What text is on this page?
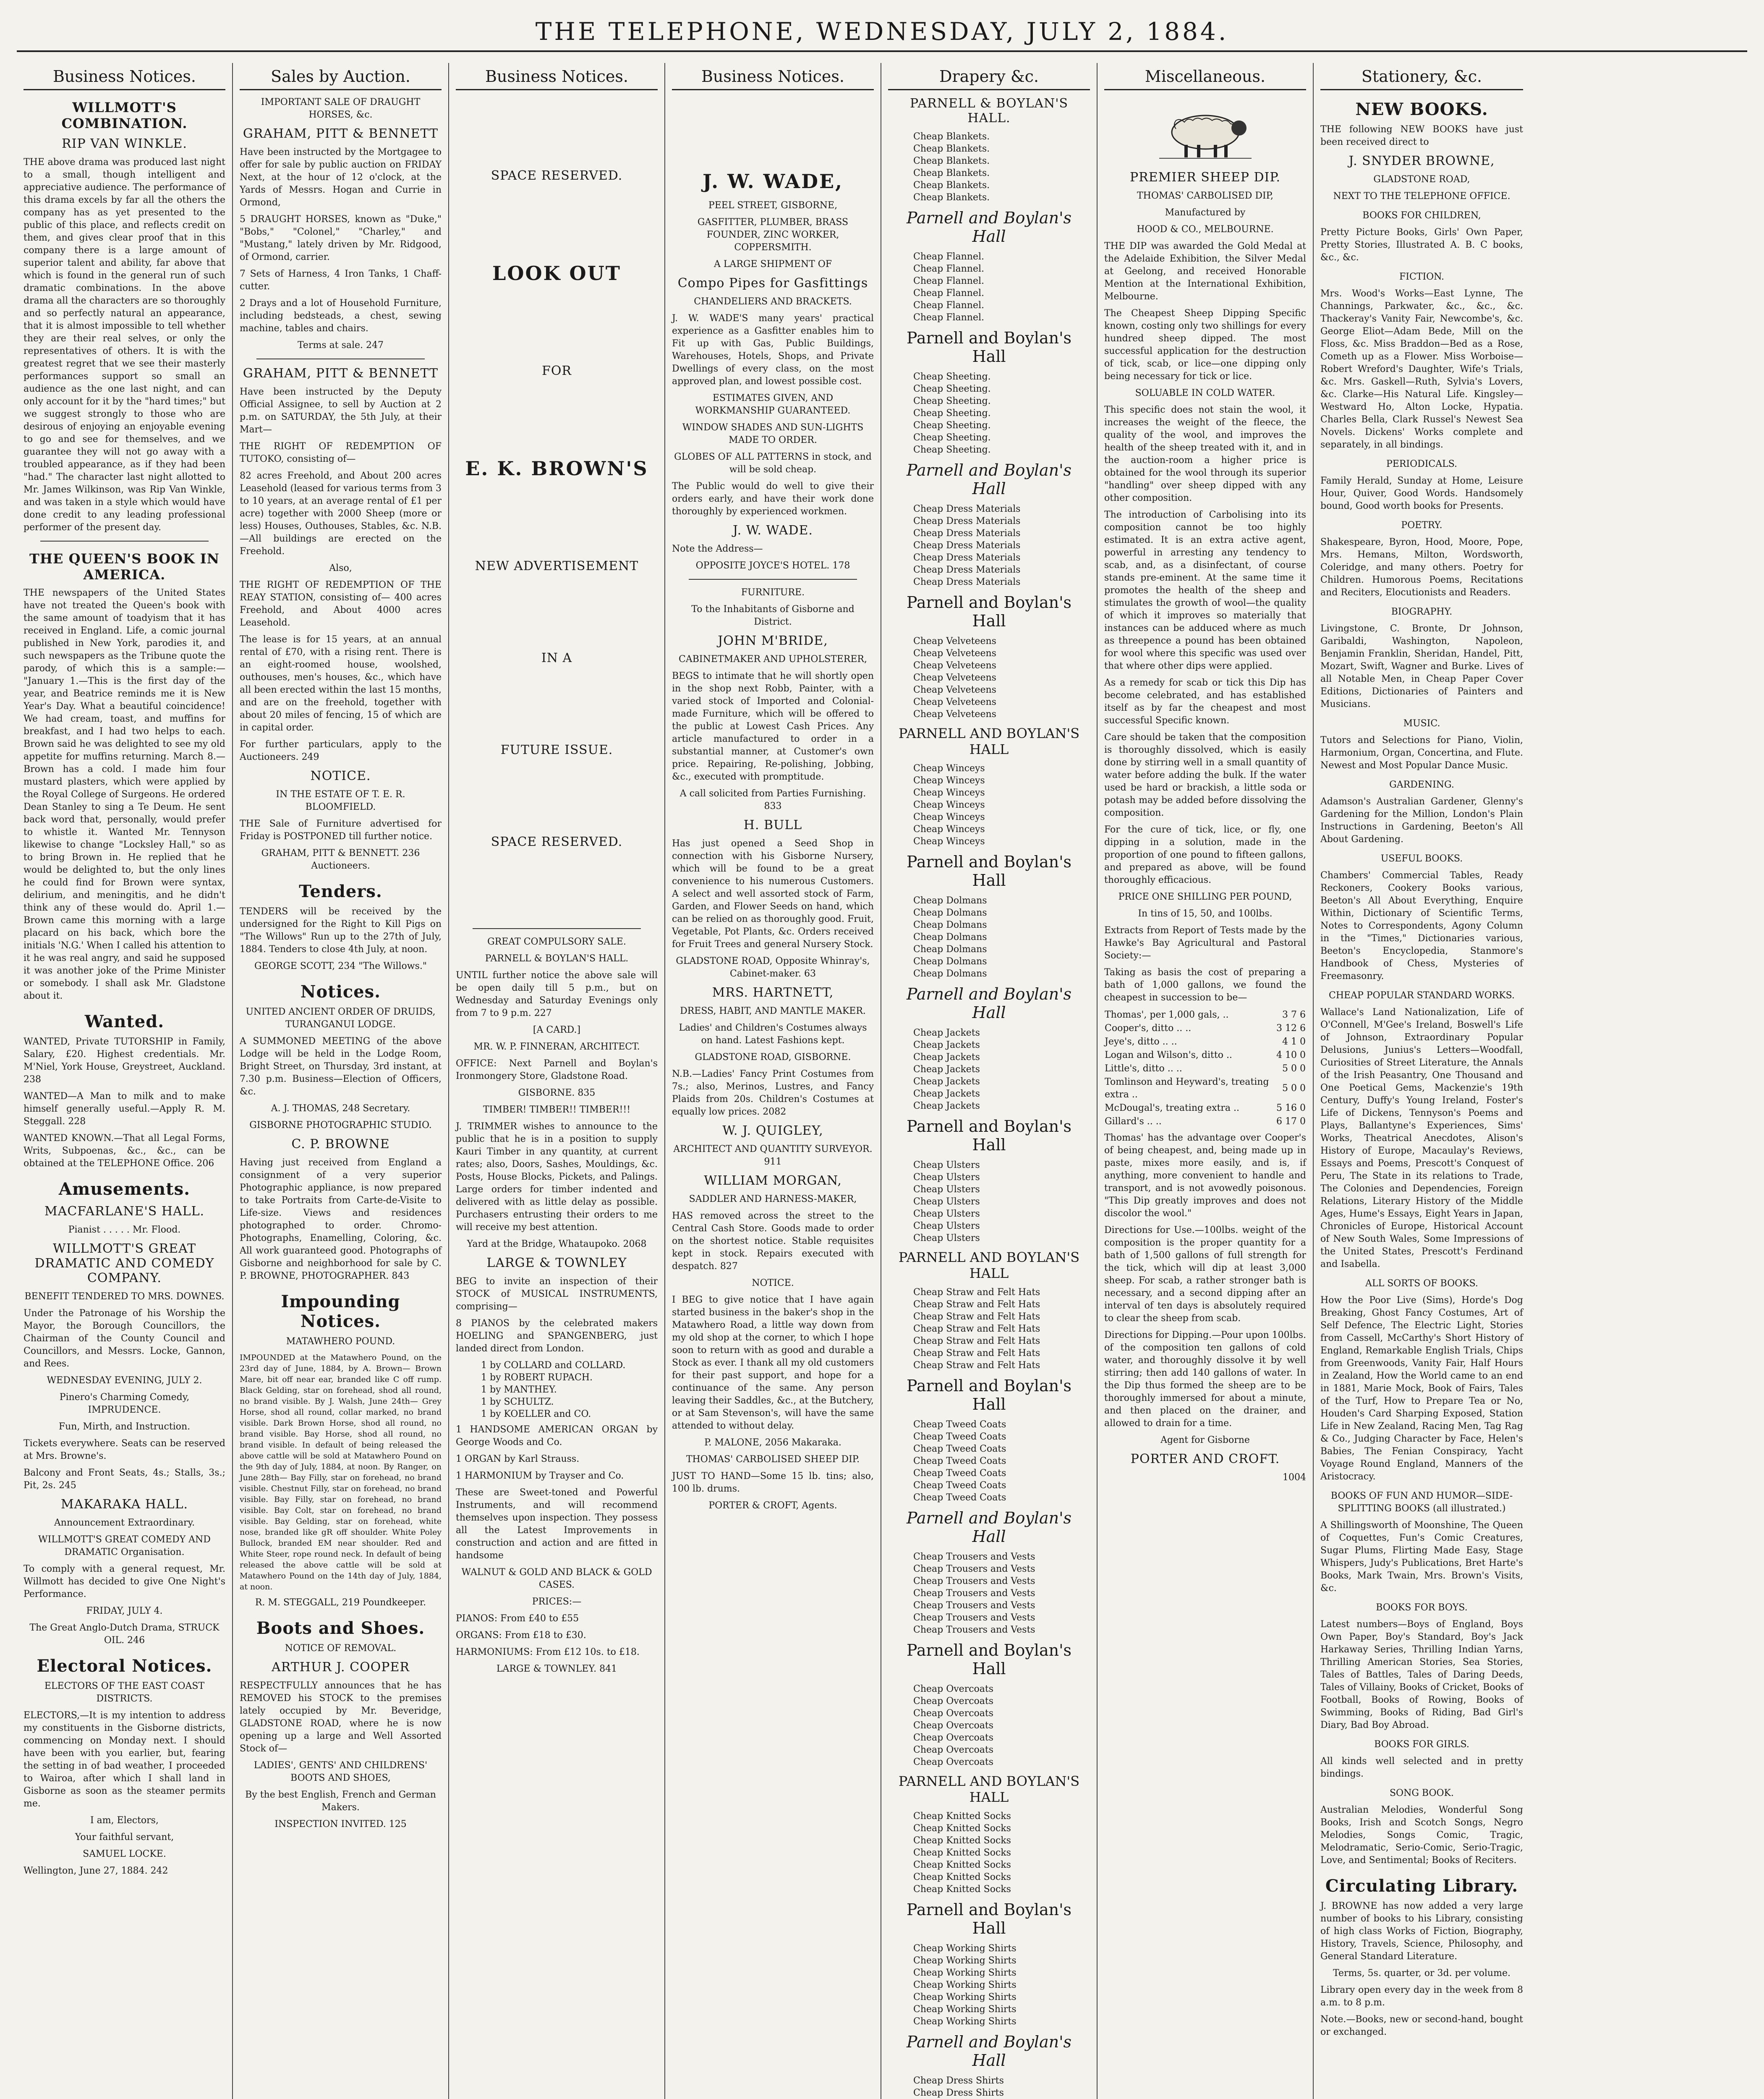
THE TELEPHONE, WEDNESDAY, JULY 2, 1884.
Business Notices.
WILLMOTT'S COMBINATION.
RIP VAN WINKLE.

THE above drama was produced last night to a small, though intelligent and appreciative audience. The performance of this drama excels by far all the others the company has as yet presented to the public of this place, and reflects credit on them, and gives clear proof that in this company there is a large amount of superior talent and ability, far above that which is found in the general run of such dramatic combinations. In the above drama all the characters are so thoroughly and so perfectly natural an appearance, that it is almost impossible to tell whether they are their real selves, or only the representatives of others. It is with the greatest regret that we see their masterly performances support so small an audience as the one last night, and can only account for it by the "hard times;" but we suggest strongly to those who are desirous of enjoying an enjoyable evening to go and see for themselves, and we guarantee they will not go away with a troubled appearance, as if they had been "had." The character last night allotted to Mr. James Wilkinson, was Rip Van Winkle, and was taken in a style which would have done credit to any leading professional performer of the present day.

THE QUEEN'S BOOK IN AMERICA.

THE newspapers of the United States have not treated the Queen's book with the same amount of toadyism that it has received in England. Life, a comic journal published in New York, parodies it, and such newspapers as the Tribune quote the parody, of which this is a sample:— "January 1.—This is the first day of the year, and Beatrice reminds me it is New Year's Day. What a beautiful coincidence! We had cream, toast, and muffins for breakfast, and I had two helps to each. Brown said he was delighted to see my old appetite for muffins returning. March 8.—Brown has a cold. I made him four mustard plasters, which were applied by the Royal College of Surgeons. He ordered Dean Stanley to sing a Te Deum. He sent back word that, personally, would prefer to whistle it. Wanted Mr. Tennyson likewise to change "Locksley Hall," so as to bring Brown in. He replied that he would be delighted to, but the only lines he could find for Brown were syntax, delirium, and meningitis, and he didn't think any of these would do. April 1.—Brown came this morning with a large placard on his back, which bore the initials 'N.G.' When I called his attention to it he was real angry, and said he supposed it was another joke of the Prime Minister or somebody. I shall ask Mr. Gladstone about it.

Wanted.

WANTED, Private TUTORSHIP in Family, Salary, £20. Highest credentials. Mr. M'Niel, York House, Greystreet, Auckland. 238

WANTED—A Man to milk and to make himself generally useful.—Apply R. M. Steggall. 228

WANTED KNOWN.—That all Legal Forms, Writs, Subpoenas, &c., &c., can be obtained at the TELEPHONE Office. 206

Amusements.
MACFARLANE'S HALL.

Pianist . . . . . Mr. Flood.

WILLMOTT'S GREAT DRAMATIC AND COMEDY COMPANY.

BENEFIT TENDERED TO MRS. DOWNES.

Under the Patronage of his Worship the Mayor, the Borough Councillors, the Chairman of the County Council and Councillors, and Messrs. Locke, Gannon, and Rees.

WEDNESDAY EVENING, JULY 2.

Pinero's Charming Comedy, IMPRUDENCE.

Fun, Mirth, and Instruction.

Tickets everywhere. Seats can be reserved at Mrs. Browne's.

Balcony and Front Seats, 4s.; Stalls, 3s.; Pit, 2s. 245

MAKARAKA HALL.

Announcement Extraordinary.

WILLMOTT'S GREAT COMEDY AND DRAMATIC Organisation.

To comply with a general request, Mr. Willmott has decided to give One Night's Performance.

FRIDAY, JULY 4.

The Great Anglo-Dutch Drama, STRUCK OIL. 246

Electoral Notices.

ELECTORS OF THE EAST COAST DISTRICTS.

ELECTORS,—It is my intention to address my constituents in the Gisborne districts, commencing on Monday next. I should have been with you earlier, but, fearing the setting in of bad weather, I proceeded to Wairoa, after which I shall land in Gisborne as soon as the steamer permits me.

I am, Electors,

Your faithful servant,

SAMUEL LOCKE.

Wellington, June 27, 1884. 242

Sales by Auction.

IMPORTANT SALE OF DRAUGHT HORSES, &c.

GRAHAM, PITT & BENNETT

Have been instructed by the Mortgagee to offer for sale by public auction on FRIDAY Next, at the hour of 12 o'clock, at the Yards of Messrs. Hogan and Currie in Ormond,

5 DRAUGHT HORSES, known as "Duke," "Bobs," "Colonel," "Charley," and "Mustang," lately driven by Mr. Ridgood, of Ormond, carrier.

7 Sets of Harness, 4 Iron Tanks, 1 Chaff-cutter.

2 Drays and a lot of Household Furniture, including bedsteads, a chest, sewing machine, tables and chairs.

Terms at sale. 247

GRAHAM, PITT & BENNETT

Have been instructed by the Deputy Official Assignee, to sell by Auction at 2 p.m. on SATURDAY, the 5th July, at their Mart—

THE RIGHT OF REDEMPTION OF TUTOKO, consisting of—

82 acres Freehold, and About 200 acres Leasehold (leased for various terms from 3 to 10 years, at an average rental of £1 per acre) together with 2000 Sheep (more or less) Houses, Outhouses, Stables, &c. N.B.—All buildings are erected on the Freehold.

Also,

THE RIGHT OF REDEMPTION OF THE REAY STATION, consisting of— 400 acres Freehold, and About 4000 acres Leasehold.

The lease is for 15 years, at an annual rental of £70, with a rising rent. There is an eight-roomed house, woolshed, outhouses, men's houses, &c., which have all been erected within the last 15 months, and are on the freehold, together with about 20 miles of fencing, 15 of which are in capital order.

For further particulars, apply to the Auctioneers. 249

NOTICE.

IN THE ESTATE OF T. E. R. BLOOMFIELD.

THE Sale of Furniture advertised for Friday is POSTPONED till further notice.

GRAHAM, PITT & BENNETT. 236 Auctioneers.

Tenders.

TENDERS will be received by the undersigned for the Right to Kill Pigs on "The Willows" Run up to the 27th of July, 1884. Tenders to close 4th July, at noon.

GEORGE SCOTT, 234 "The Willows."

Notices.

UNITED ANCIENT ORDER OF DRUIDS, TURANGANUI LODGE.

A SUMMONED MEETING of the above Lodge will be held in the Lodge Room, Bright Street, on Thursday, 3rd instant, at 7.30 p.m. Business—Election of Officers, &c.

A. J. THOMAS, 248 Secretary.

GISBORNE PHOTOGRAPHIC STUDIO.

C. P. BROWNE

Having just received from England a consignment of a very superior Photographic appliance, is now prepared to take Portraits from Carte-de-Visite to Life-size. Views and residences photographed to order. Chromo-Photographs, Enamelling, Coloring, &c. All work guaranteed good. Photographs of Gisborne and neighborhood for sale by C. P. BROWNE, PHOTOGRAPHER. 843

Impounding Notices.

MATAWHERO POUND.

IMPOUNDED at the Matawhero Pound, on the 23rd day of June, 1884, by A. Brown— Brown Mare, bit off near ear, branded like C off rump. Black Gelding, star on forehead, shod all round, no brand visible. By J. Walsh, June 24th— Grey Horse, shod all round, collar marked, no brand visible. Dark Brown Horse, shod all round, no brand visible. Bay Horse, shod all round, no brand visible. In default of being released the above cattle will be sold at Matawhero Pound on the 9th day of July, 1884, at noon. By Ranger, on June 28th— Bay Filly, star on forehead, no brand visible. Chestnut Filly, star on forehead, no brand visible. Bay Filly, star on forehead, no brand visible. Bay Colt, star on forehead, no brand visible. Bay Gelding, star on forehead, white nose, branded like gR off shoulder. White Poley Bullock, branded EM near shoulder. Red and White Steer, rope round neck. In default of being released the above cattle will be sold at Matawhero Pound on the 14th day of July, 1884, at noon.

R. M. STEGGALL, 219 Poundkeeper.

Boots and Shoes.

NOTICE OF REMOVAL.

ARTHUR J. COOPER

RESPECTFULLY announces that he has REMOVED his STOCK to the premises lately occupied by Mr. Beveridge, GLADSTONE ROAD, where he is now opening up a large and Well Assorted Stock of—

LADIES', GENTS' AND CHILDRENS' BOOTS AND SHOES,

By the best English, French and German Makers.

INSPECTION INVITED. 125

Business Notices.
SPACE RESERVED.
LOOK OUT
FOR
E. K. BROWN'S
NEW ADVERTISEMENT
IN A
FUTURE ISSUE.
SPACE RESERVED.

GREAT COMPULSORY SALE.

PARNELL & BOYLAN'S HALL.

UNTIL further notice the above sale will be open daily till 5 p.m., but on Wednesday and Saturday Evenings only from 7 to 9 p.m. 227

[A CARD.]

MR. W. P. FINNERAN, ARCHITECT.

OFFICE: Next Parnell and Boylan's Ironmongery Store, Gladstone Road.

GISBORNE. 835

TIMBER! TIMBER!! TIMBER!!!

J. TRIMMER wishes to announce to the public that he is in a position to supply Kauri Timber in any quantity, at current rates; also, Doors, Sashes, Mouldings, &c. Posts, House Blocks, Pickets, and Palings. Large orders for timber indented and delivered with as little delay as possible. Purchasers entrusting their orders to me will receive my best attention.

Yard at the Bridge, Whataupoko. 2068

LARGE & TOWNLEY

BEG to invite an inspection of their STOCK of MUSICAL INSTRUMENTS, comprising—

8 PIANOS by the celebrated makers HOELING and SPANGENBERG, just landed direct from London.

1 by COLLARD and COLLARD.
1 by ROBERT RUPACH.
1 by MANTHEY.
1 by SCHULTZ.
1 by KOELLER and CO.

1 HANDSOME AMERICAN ORGAN by George Woods and Co.

1 ORGAN by Karl Strauss.

1 HARMONIUM by Trayser and Co.

These are Sweet-toned and Powerful Instruments, and will recommend themselves upon inspection. They possess all the Latest Improvements in construction and action and are fitted in handsome

WALNUT & GOLD AND BLACK & GOLD CASES.

PRICES:—

PIANOS: From £40 to £55

ORGANS: From £18 to £30.

HARMONIUMS: From £12 10s. to £18.

LARGE & TOWNLEY. 841

Business Notices.
J. W. WADE,

PEEL STREET, GISBORNE,

GASFITTER, PLUMBER, BRASS FOUNDER, ZINC WORKER, COPPERSMITH.

A LARGE SHIPMENT OF

Compo Pipes for Gasfittings

CHANDELIERS AND BRACKETS.

J. W. WADE'S many years' practical experience as a Gasfitter enables him to Fit up with Gas, Public Buildings, Warehouses, Hotels, Shops, and Private Dwellings of every class, on the most approved plan, and lowest possible cost.

ESTIMATES GIVEN, AND WORKMANSHIP GUARANTEED.

WINDOW SHADES AND SUN-LIGHTS MADE TO ORDER.

GLOBES OF ALL PATTERNS in stock, and will be sold cheap.

The Public would do well to give their orders early, and have their work done thoroughly by experienced workmen.

J. W. WADE.

Note the Address—

OPPOSITE JOYCE'S HOTEL. 178

FURNITURE.

To the Inhabitants of Gisborne and District.

JOHN M'BRIDE,

CABINETMAKER AND UPHOLSTERER,

BEGS to intimate that he will shortly open in the shop next Robb, Painter, with a varied stock of Imported and Colonial-made Furniture, which will be offered to the public at Lowest Cash Prices. Any article manufactured to order in a substantial manner, at Customer's own price. Repairing, Re-polishing, Jobbing, &c., executed with promptitude.

A call solicited from Parties Furnishing. 833

H. BULL

Has just opened a Seed Shop in connection with his Gisborne Nursery, which will be found to be a great convenience to his numerous Customers. A select and well assorted stock of Farm, Garden, and Flower Seeds on hand, which can be relied on as thoroughly good. Fruit, Vegetable, Pot Plants, &c. Orders received for Fruit Trees and general Nursery Stock.

GLADSTONE ROAD, Opposite Whinray's, Cabinet-maker. 63

MRS. HARTNETT,

DRESS, HABIT, AND MANTLE MAKER.

Ladies' and Children's Costumes always on hand. Latest Fashions kept.

GLADSTONE ROAD, GISBORNE.

N.B.—Ladies' Fancy Print Costumes from 7s.; also, Merinos, Lustres, and Fancy Plaids from 20s. Children's Costumes at equally low prices. 2082

W. J. QUIGLEY,

ARCHITECT AND QUANTITY SURVEYOR. 911

WILLIAM MORGAN,

SADDLER AND HARNESS-MAKER,

HAS removed across the street to the Central Cash Store. Goods made to order on the shortest notice. Stable requisites kept in stock. Repairs executed with despatch. 827

NOTICE.

I BEG to give notice that I have again started business in the baker's shop in the Matawhero Road, a little way down from my old shop at the corner, to which I hope soon to return with as good and durable a Stock as ever. I thank all my old customers for their past support, and hope for a continuance of the same. Any person leaving their Saddles, &c., at the Butchery, or at Sam Stevenson's, will have the same attended to without delay.

P. MALONE, 2056 Makaraka.

THOMAS' CARBOLISED SHEEP DIP.

JUST TO HAND—Some 15 lb. tins; also, 100 lb. drums.

PORTER & CROFT, Agents.

Drapery &c.
PARNELL & BOYLAN'S HALL.
Cheap Blankets.
Cheap Blankets.
Cheap Blankets.
Cheap Blankets.
Cheap Blankets.
Cheap Blankets.
Parnell and Boylan's Hall
Cheap Flannel.
Cheap Flannel.
Cheap Flannel.
Cheap Flannel.
Cheap Flannel.
Cheap Flannel.
Parnell and Boylan's Hall
Cheap Sheeting.
Cheap Sheeting.
Cheap Sheeting.
Cheap Sheeting.
Cheap Sheeting.
Cheap Sheeting.
Cheap Sheeting.
Parnell and Boylan's Hall
Cheap Dress Materials
Cheap Dress Materials
Cheap Dress Materials
Cheap Dress Materials
Cheap Dress Materials
Cheap Dress Materials
Cheap Dress Materials
Parnell and Boylan's Hall
Cheap Velveteens
Cheap Velveteens
Cheap Velveteens
Cheap Velveteens
Cheap Velveteens
Cheap Velveteens
Cheap Velveteens
PARNELL AND BOYLAN'S HALL
Cheap Winceys
Cheap Winceys
Cheap Winceys
Cheap Winceys
Cheap Winceys
Cheap Winceys
Cheap Winceys
Parnell and Boylan's Hall
Cheap Dolmans
Cheap Dolmans
Cheap Dolmans
Cheap Dolmans
Cheap Dolmans
Cheap Dolmans
Cheap Dolmans
Parnell and Boylan's Hall
Cheap Jackets
Cheap Jackets
Cheap Jackets
Cheap Jackets
Cheap Jackets
Cheap Jackets
Cheap Jackets
Parnell and Boylan's Hall
Cheap Ulsters
Cheap Ulsters
Cheap Ulsters
Cheap Ulsters
Cheap Ulsters
Cheap Ulsters
Cheap Ulsters
PARNELL AND BOYLAN'S HALL
Cheap Straw and Felt Hats
Cheap Straw and Felt Hats
Cheap Straw and Felt Hats
Cheap Straw and Felt Hats
Cheap Straw and Felt Hats
Cheap Straw and Felt Hats
Cheap Straw and Felt Hats
Parnell and Boylan's Hall
Cheap Tweed Coats
Cheap Tweed Coats
Cheap Tweed Coats
Cheap Tweed Coats
Cheap Tweed Coats
Cheap Tweed Coats
Cheap Tweed Coats
Parnell and Boylan's Hall
Cheap Trousers and Vests
Cheap Trousers and Vests
Cheap Trousers and Vests
Cheap Trousers and Vests
Cheap Trousers and Vests
Cheap Trousers and Vests
Cheap Trousers and Vests
Parnell and Boylan's Hall
Cheap Overcoats
Cheap Overcoats
Cheap Overcoats
Cheap Overcoats
Cheap Overcoats
Cheap Overcoats
Cheap Overcoats
PARNELL AND BOYLAN'S HALL
Cheap Knitted Socks
Cheap Knitted Socks
Cheap Knitted Socks
Cheap Knitted Socks
Cheap Knitted Socks
Cheap Knitted Socks
Cheap Knitted Socks
Parnell and Boylan's Hall
Cheap Working Shirts
Cheap Working Shirts
Cheap Working Shirts
Cheap Working Shirts
Cheap Working Shirts
Cheap Working Shirts
Cheap Working Shirts
Parnell and Boylan's Hall
Cheap Dress Shirts
Cheap Dress Shirts

Miscellaneous.
PREMIER SHEEP DIP.

THOMAS' CARBOLISED DIP,

Manufactured by

HOOD & CO., MELBOURNE.

THE DIP was awarded the Gold Medal at the Adelaide Exhibition, the Silver Medal at Geelong, and received Honorable Mention at the International Exhibition, Melbourne.

The Cheapest Sheep Dipping Specific known, costing only two shillings for every hundred sheep dipped. The most successful application for the destruction of tick, scab, or lice—one dipping only being necessary for tick or lice.

SOLUABLE IN COLD WATER.

This specific does not stain the wool, it increases the weight of the fleece, the quality of the wool, and improves the health of the sheep treated with it, and in the auction-room a higher price is obtained for the wool through its superior "handling" over sheep dipped with any other composition.

The introduction of Carbolising into its composition cannot be too highly estimated. It is an extra active agent, powerful in arresting any tendency to scab, and, as a disinfectant, of course stands pre-eminent. At the same time it promotes the health of the sheep and stimulates the growth of wool—the quality of which it improves so materially that instances can be adduced where as much as threepence a pound has been obtained for wool where this specific was used over that where other dips were applied.

As a remedy for scab or tick this Dip has become celebrated, and has established itself as by far the cheapest and most successful Specific known.

Care should be taken that the composition is thoroughly dissolved, which is easily done by stirring well in a small quantity of water before adding the bulk. If the water used be hard or brackish, a little soda or potash may be added before dissolving the composition.

For the cure of tick, lice, or fly, one dipping in a solution, made in the proportion of one pound to fifteen gallons, and prepared as above, will be found thoroughly efficacious.

PRICE ONE SHILLING PER POUND,

In tins of 15, 50, and 100lbs.

Extracts from Report of Tests made by the Hawke's Bay Agricultural and Pastoral Society:—

Taking as basis the cost of preparing a bath of 1,000 gallons, we found the cheapest in succession to be—

Thomas', per 1,000 gals, ..	3 7 6
Cooper's, ditto .. ..	3 12 6
Jeye's, ditto .. ..	4 1 0
Logan and Wilson's, ditto ..	4 10 0
Little's, ditto .. ..	5 0 0
Tomlinson and Heyward's, treating extra ..	5 0 0
McDougal's, treating extra ..	5 16 0
Gillard's .. ..	6 17 0

Thomas' has the advantage over Cooper's of being cheapest, and, being made up in paste, mixes more easily, and is, if anything, more convenient to handle and transport, and is not avowedly poisonous. "This Dip greatly improves and does not discolor the wool."

Directions for Use.—100lbs. weight of the composition is the proper quantity for a bath of 1,500 gallons of full strength for the tick, which will dip at least 3,000 sheep. For scab, a rather stronger bath is necessary, and a second dipping after an interval of ten days is absolutely required to clear the sheep from scab.

Directions for Dipping.—Pour upon 100lbs. of the composition ten gallons of cold water, and thoroughly dissolve it by well stirring; then add 140 gallons of water. In the Dip thus formed the sheep are to be thoroughly immersed for about a minute, and then placed on the drainer, and allowed to drain for a time.

Agent for Gisborne

PORTER AND CROFT.

1004

Stationery, &c.
NEW BOOKS.

THE following NEW BOOKS have just been received direct to

J. SNYDER BROWNE,

GLADSTONE ROAD,

NEXT TO THE TELEPHONE OFFICE.

BOOKS FOR CHILDREN,

Pretty Picture Books, Girls' Own Paper, Pretty Stories, Illustrated A. B. C books, &c., &c.

FICTION.

Mrs. Wood's Works—East Lynne, The Channings, Parkwater, &c., &c., &c. Thackeray's Vanity Fair, Newcombe's, &c. George Eliot—Adam Bede, Mill on the Floss, &c. Miss Braddon—Bed as a Rose, Cometh up as a Flower. Miss Worboise—Robert Wreford's Daughter, Wife's Trials, &c. Mrs. Gaskell—Ruth, Sylvia's Lovers, &c. Clarke—His Natural Life. Kingsley—Westward Ho, Alton Locke, Hypatia. Charles Bella, Clark Russel's Newest Sea Novels. Dickens' Works complete and separately, in all bindings.

PERIODICALS.

Family Herald, Sunday at Home, Leisure Hour, Quiver, Good Words. Handsomely bound, Good worth books for Presents.

POETRY.

Shakespeare, Byron, Hood, Moore, Pope, Mrs. Hemans, Milton, Wordsworth, Coleridge, and many others. Poetry for Children. Humorous Poems, Recitations and Reciters, Elocutionists and Readers.

BIOGRAPHY.

Livingstone, C. Bronte, Dr Johnson, Garibaldi, Washington, Napoleon, Benjamin Franklin, Sheridan, Handel, Pitt, Mozart, Swift, Wagner and Burke. Lives of all Notable Men, in Cheap Paper Cover Editions, Dictionaries of Painters and Musicians.

MUSIC.

Tutors and Selections for Piano, Violin, Harmonium, Organ, Concertina, and Flute. Newest and Most Popular Dance Music.

GARDENING.

Adamson's Australian Gardener, Glenny's Gardening for the Million, London's Plain Instructions in Gardening, Beeton's All About Gardening.

USEFUL BOOKS.

Chambers' Commercial Tables, Ready Reckoners, Cookery Books various, Beeton's All About Everything, Enquire Within, Dictionary of Scientific Terms, Notes to Correspondents, Agony Column in the "Times," Dictionaries various, Beeton's Encyclopedia, Stanmore's Handbook of Chess, Mysteries of Freemasonry.

CHEAP POPULAR STANDARD WORKS.

Wallace's Land Nationalization, Life of O'Connell, M'Gee's Ireland, Boswell's Life of Johnson, Extraordinary Popular Delusions, Junius's Letters—Woodfall, Curiosities of Street Literature, the Annals of the Irish Peasantry, One Thousand and One Poetical Gems, Mackenzie's 19th Century, Duffy's Young Ireland, Foster's Life of Dickens, Tennyson's Poems and Plays, Ballantyne's Experiences, Sims' Works, Theatrical Anecdotes, Alison's History of Europe, Macaulay's Reviews, Essays and Poems, Prescott's Conquest of Peru, The State in its relations to Trade, The Colonies and Dependencies, Foreign Relations, Literary History of the Middle Ages, Hume's Essays, Eight Years in Japan, Chronicles of Europe, Historical Account of New South Wales, Some Impressions of the United States, Prescott's Ferdinand and Isabella.

ALL SORTS OF BOOKS.

How the Poor Live (Sims), Horde's Dog Breaking, Ghost Fancy Costumes, Art of Self Defence, The Electric Light, Stories from Cassell, McCarthy's Short History of England, Remarkable English Trials, Chips from Greenwoods, Vanity Fair, Half Hours in Zealand, How the World came to an end in 1881, Marie Mock, Book of Fairs, Tales of the Turf, How to Prepare Tea or No, Houden's Card Sharping Exposed, Station Life in New Zealand, Racing Men, Tag Rag & Co., Judging Character by Face, Helen's Babies, The Fenian Conspiracy, Yacht Voyage Round England, Manners of the Aristocracy.

BOOKS OF FUN AND HUMOR—SIDE-SPLITTING BOOKS (all illustrated.)

A Shillingsworth of Moonshine, The Queen of Coquettes, Fun's Comic Creatures, Sugar Plums, Flirting Made Easy, Stage Whispers, Judy's Publications, Bret Harte's Books, Mark Twain, Mrs. Brown's Visits, &c.

BOOKS FOR BOYS.

Latest numbers—Boys of England, Boys Own Paper, Boy's Standard, Boy's Jack Harkaway Series, Thrilling Indian Yarns, Thrilling American Stories, Sea Stories, Tales of Battles, Tales of Daring Deeds, Tales of Villainy, Books of Cricket, Books of Football, Books of Rowing, Books of Swimming, Books of Riding, Bad Girl's Diary, Bad Boy Abroad.

BOOKS FOR GIRLS.

All kinds well selected and in pretty bindings.

SONG BOOK.

Australian Melodies, Wonderful Song Books, Irish and Scotch Songs, Negro Melodies, Songs Comic, Tragic, Melodramatic, Serio-Comic, Serio-Tragic, Love, and Sentimental; Books of Reciters.

Circulating Library.

J. BROWNE has now added a very large number of books to his Library, consisting of high class Works of Fiction, Biography, History, Travels, Science, Philosophy, and General Standard Literature.

Terms, 5s. quarter, or 3d. per volume.

Library open every day in the week from 8 a.m. to 8 p.m.

Note.—Books, new or second-hand, bought or exchanged.
